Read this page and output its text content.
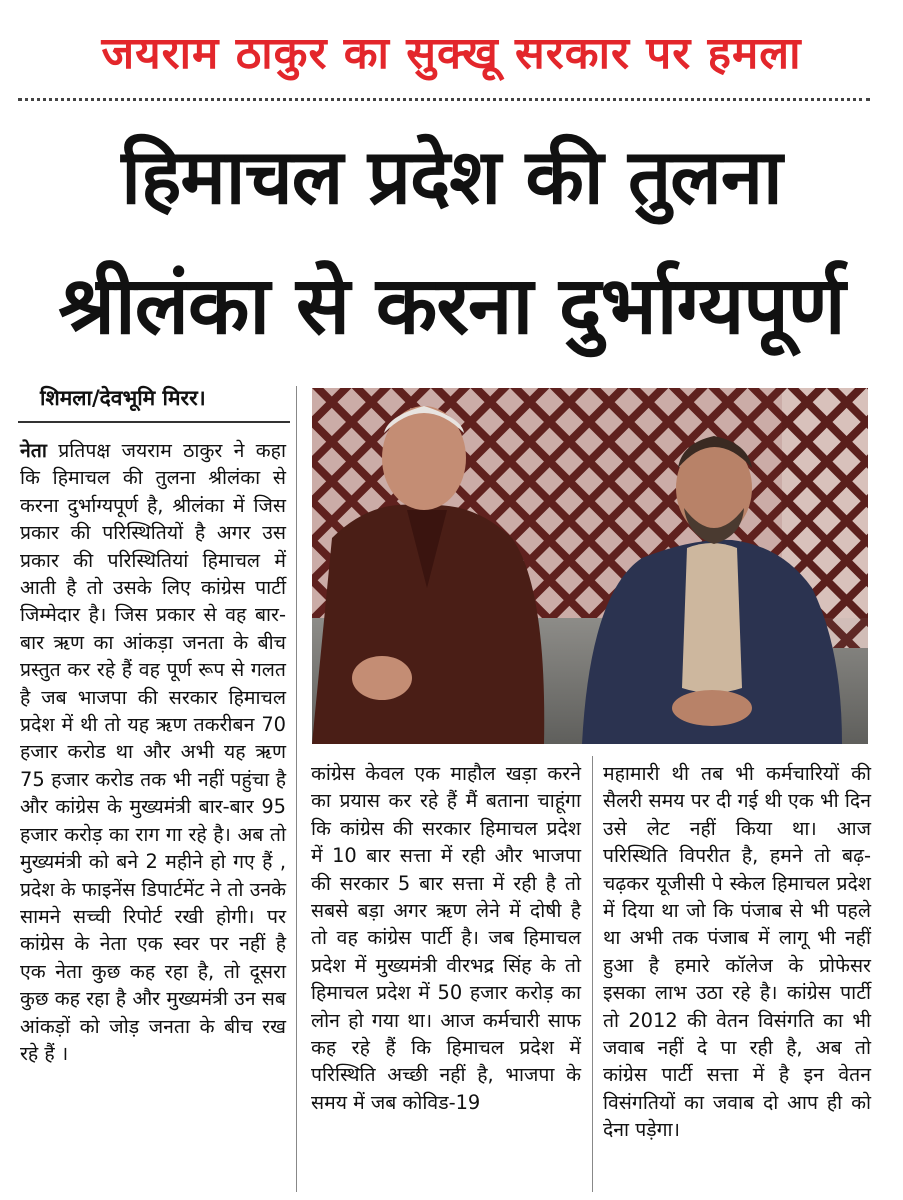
जयराम ठाकुर का सुक्खू सरकार पर हमला
हिमाचल प्रदेश की तुलना
श्रीलंका से करना दुर्भाग्यपूर्ण
शिमला/देवभूमि मिरर।

नेता प्रतिपक्ष जयराम ठाकुर ने कहा कि हिमाचल की तुलना श्रीलंका से करना दुर्भाग्यपूर्ण है, श्रीलंका में जिस प्रकार की परिस्थितियों है अगर उस प्रकार की परिस्थितियां हिमाचल में आती है तो उसके लिए कांग्रेस पार्टी जिम्मेदार है। जिस प्रकार से वह बार-बार ऋण का आंकड़ा जनता के बीच प्रस्तुत कर रहे हैं वह पूर्ण रूप से गलत है जब भाजपा की सरकार हिमाचल प्रदेश में थी तो यह ऋण तकरीबन 70 हजार करोड था और अभी यह ऋण 75 हजार करोड तक भी नहीं पहुंचा है और कांग्रेस के मुख्यमंत्री बार-बार 95 हजार करोड़ का राग गा रहे है। अब तो मुख्यमंत्री को बने 2 महीने हो गए हैं , प्रदेश के फाइनेंस डिपार्टमेंट ने तो उनके सामने सच्ची रिपोर्ट रखी होगी। पर कांग्रेस के नेता एक स्वर पर नहीं है एक नेता कुछ कह रहा है, तो दूसरा कुछ कह रहा है और मुख्यमंत्री उन सब आंकड़ों को जोड़ जनता के बीच रख रहे हैं ।

कांग्रेस केवल एक माहौल खड़ा करने का प्रयास कर रहे हैं मैं बताना चाहूंगा कि कांग्रेस की सरकार हिमाचल प्रदेश में 10 बार सत्ता में रही और भाजपा की सरकार 5 बार सत्ता में रही है तो सबसे बड़ा अगर ऋण लेने में दोषी है तो वह कांग्रेस पार्टी है। जब हिमाचल प्रदेश में मुख्यमंत्री वीरभद्र सिंह के तो हिमाचल प्रदेश में 50 हजार करोड़ का लोन हो गया था। आज कर्मचारी साफ कह रहे हैं कि हिमाचल प्रदेश में परिस्थिति अच्छी नहीं है, भाजपा के समय में जब कोविड-19

महामारी थी तब भी कर्मचारियों की सैलरी समय पर दी गई थी एक भी दिन उसे लेट नहीं किया था। आज परिस्थिति विपरीत है, हमने तो बढ़-चढ़कर यूजीसी पे स्केल हिमाचल प्रदेश में दिया था जो कि पंजाब से भी पहले था अभी तक पंजाब में लागू भी नहीं हुआ है हमारे कॉलेज के प्रोफेसर इसका लाभ उठा रहे है। कांग्रेस पार्टी तो 2012 की वेतन विसंगति का भी जवाब नहीं दे पा रही है, अब तो कांग्रेस पार्टी सत्ता में है इन वेतन विसंगतियों का जवाब दो आप ही को देना पड़ेगा।
